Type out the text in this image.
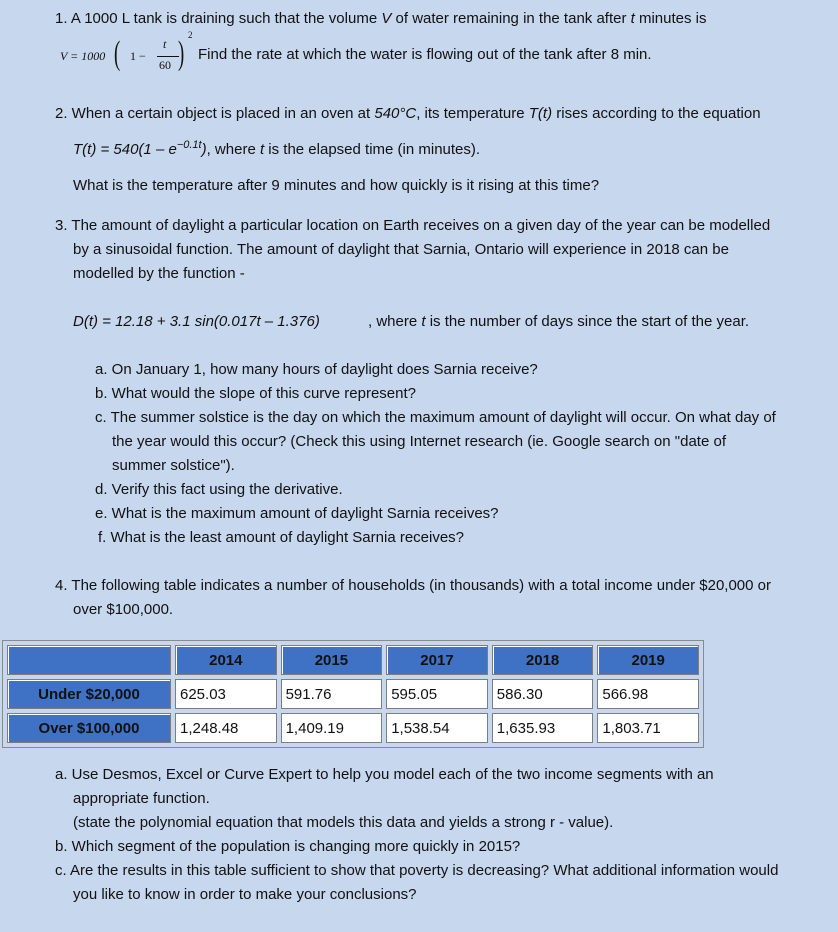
1. A 1000 L tank is draining such that the volume V of water remaining in the tank after t minutes is
V = 1000 ( 1 −
t
60 ) 2
Find the rate at which the water is flowing out of the tank after 8 min.
2. When a certain object is placed in an oven at 540°C, its temperature T(t) rises according to the equation
$T(t) = 540(1 - e^{-0.1t})$, where t is the elapsed time (in minutes).
What is the temperature after 9 minutes and how quickly is it rising at this time?
3. The amount of daylight a particular location on Earth receives on a given day of the year can be modelled
by a sinusoidal function. The amount of daylight that Sarnia, Ontario will experience in 2018 can be
modelled by the function -
D(t) = 12.18 + 3.1 sin(0.017t – 1.376)	, where t is the number of days since the start of the year.
a. On January 1, how many hours of daylight does Sarnia receive?
b. What would the slope of this curve represent?
c. The summer solstice is the day on which the maximum amount of daylight will occur. On what day of
the year would this occur? (Check this using Internet research (ie. Google search on "date of
summer solstice").
d. Verify this fact using the derivative.
e. What is the maximum amount of daylight Sarnia receives?
f. What is the least amount of daylight Sarnia receives?
4. The following table indicates a number of households (in thousands) with a total income under $20,000 or
over $100,000.
	2014	2015	2017	2018	2019
Under $20,000	625.03	591.76	595.05	586.30	566.98
Over $100,000	1,248.48	1,409.19	1,538.54	1,635.93	1,803.71
a. Use Desmos, Excel or Curve Expert to help you model each of the two income segments with an
appropriate function.
(state the polynomial equation that models this data and yields a strong r - value).
b. Which segment of the population is changing more quickly in 2015?
c. Are the results in this table sufficient to show that poverty is decreasing? What additional information would
you like to know in order to make your conclusions?
